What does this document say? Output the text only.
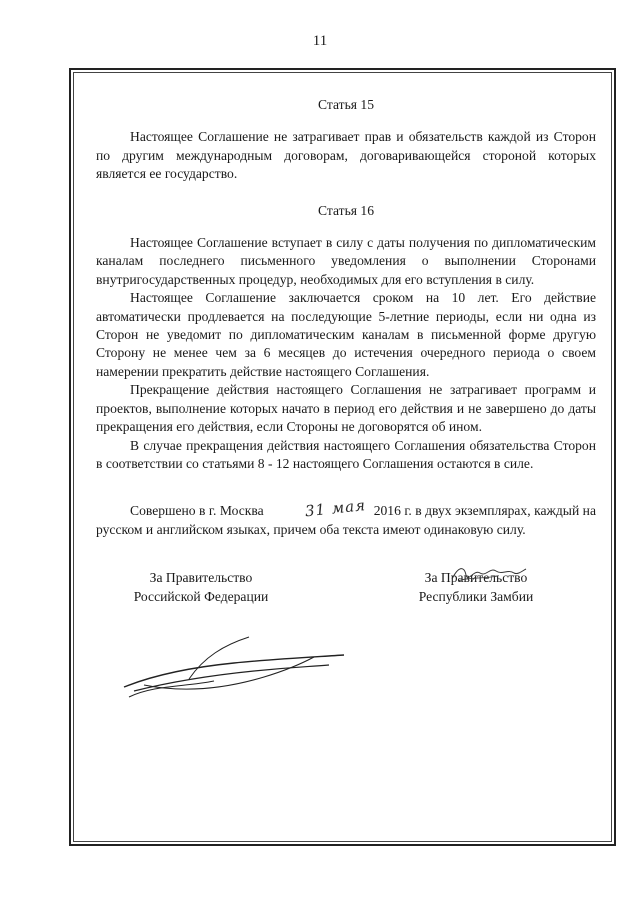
11
Статья 15

Настоящее Соглашение не затрагивает прав и обязательств каждой из Сторон по другим международным договорам, договаривающейся стороной которых является ее государство.

Статья 16

Настоящее Соглашение вступает в силу с даты получения по дипломатическим каналам последнего письменного уведомления о выполнении Сторонами внутригосударственных процедур, необходимых для его вступления в силу.

Настоящее Соглашение заключается сроком на 10 лет. Его действие автоматически продлевается на последующие 5-летние периоды, если ни одна из Сторон не уведомит по дипломатическим каналам в письменной форме другую Сторону не менее чем за 6 месяцев до истечения очередного периода о своем намерении прекратить действие настоящего Соглашения.

Прекращение действия настоящего Соглашения не затрагивает программ и проектов, выполнение которых начато в период его действия и не завершено до даты прекращения его действия, если Стороны не договорятся об ином.

В случае прекращения действия настоящего Соглашения обязательства Сторон в соответствии со статьями 8 - 12 настоящего Соглашения остаются в силе.

Совершено в г. Москва	31 мая 2016 г. в двух экземплярах, каждый на русском и английском языках, причем оба текста имеют одинаковую силу.

За Правительство
Российской Федерации
За Правительство
Республики Замбии
